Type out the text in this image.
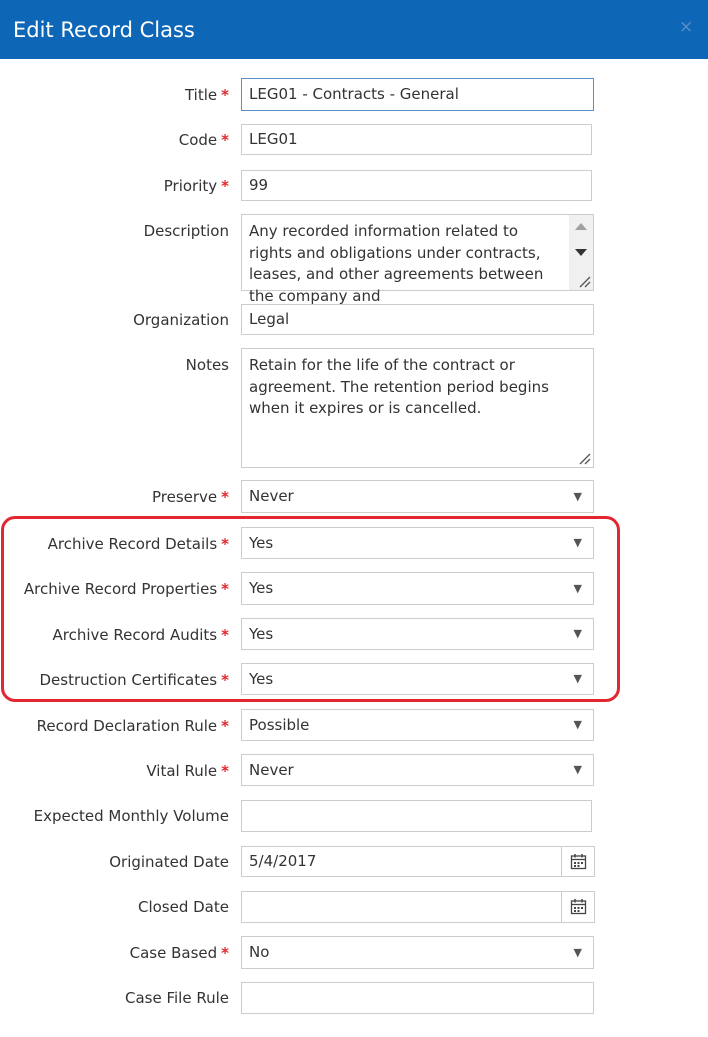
Edit Record Class	×
Title *	LEG01 - Contracts - General
Code *	LEG01
Priority *	99
Description	Any recorded information related to rights and obligations under contracts, leases, and other agreements between the company and
Organization	Legal
Notes	Retain for the life of the contract or agreement. The retention period begins when it expires or is cancelled.
Preserve *	Never	▼
Archive Record Details *	Yes	▼
Archive Record Properties *	Yes	▼
Archive Record Audits *	Yes	▼
Destruction Certificates *	Yes	▼
Record Declaration Rule *	Possible	▼
Vital Rule *	Never	▼
Expected Monthly Volume
Originated Date	5/4/2017
Closed Date
Case Based *	No	▼
Case File Rule
